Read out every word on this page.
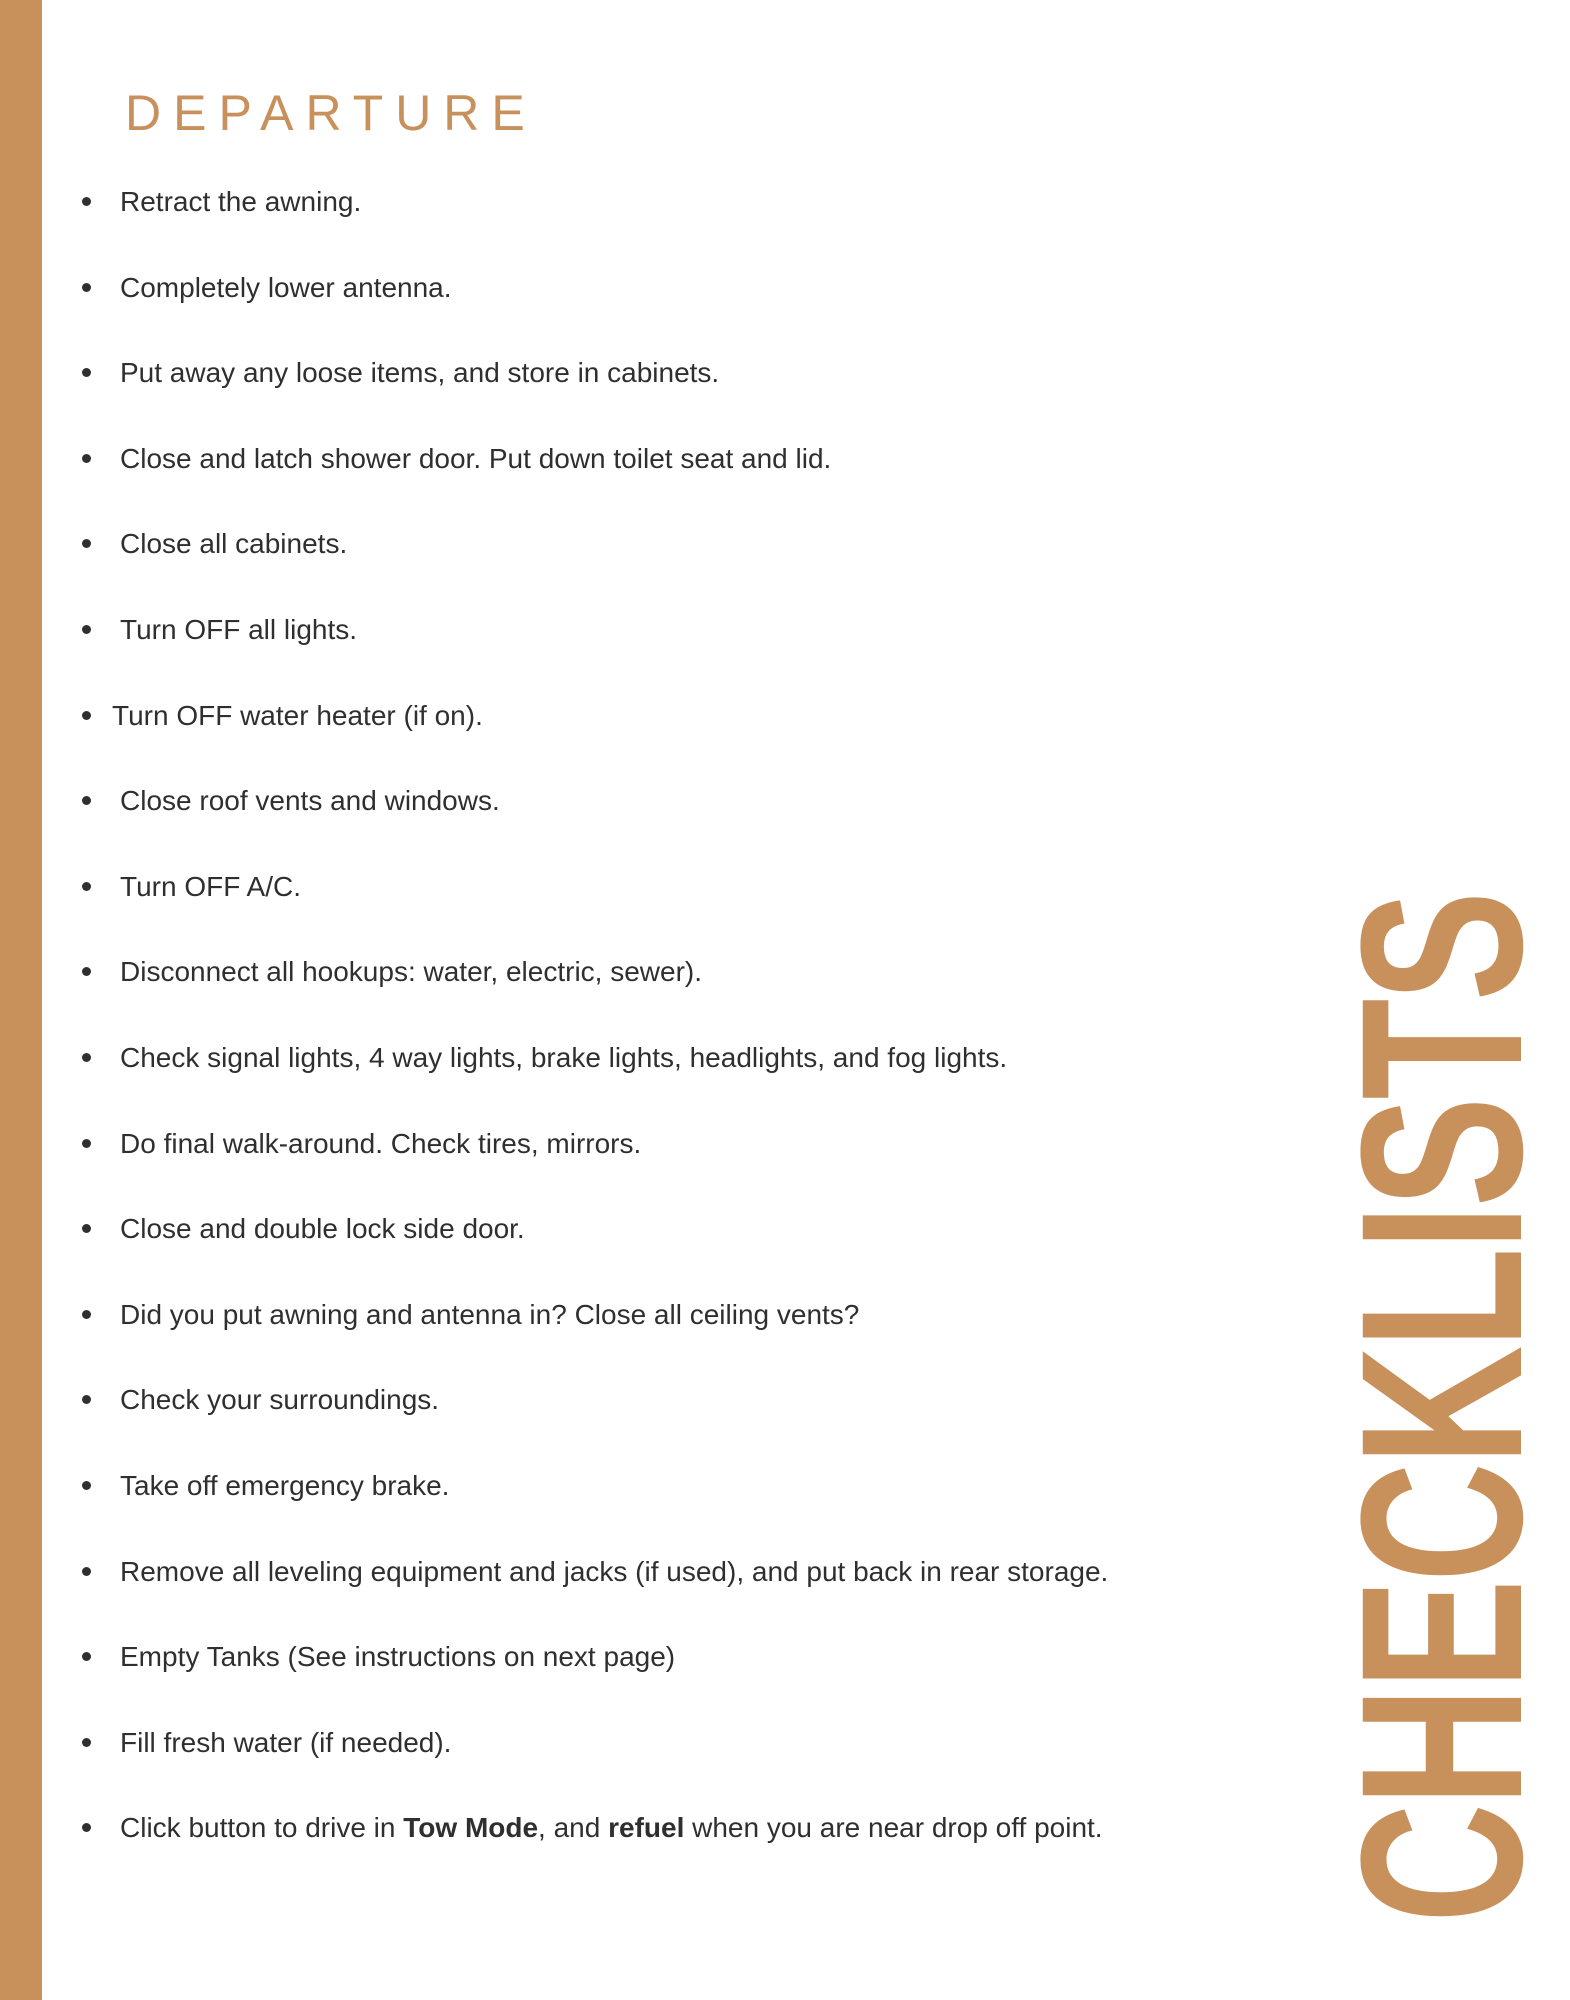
DEPARTURE
Retract the awning.
Completely lower antenna.
Put away any loose items, and store in cabinets.
Close and latch shower door. Put down toilet seat and lid.
Close all cabinets.
Turn OFF all lights.
Turn OFF water heater (if on).
Close roof vents and windows.
Turn OFF A/C.
Disconnect all hookups: water, electric, sewer).
Check signal lights, 4 way lights, brake lights, headlights, and fog lights.
Do final walk-around. Check tires, mirrors.
Close and double lock side door.
Did you put awning and antenna in? Close all ceiling vents?
Check your surroundings.
Take off emergency brake.
Remove all leveling equipment and jacks (if used), and put back in rear storage.
Empty Tanks (See instructions on next page)
Fill fresh water (if needed).
Click button to drive in Tow Mode, and refuel when you are near drop off point. CHECKLISTS
